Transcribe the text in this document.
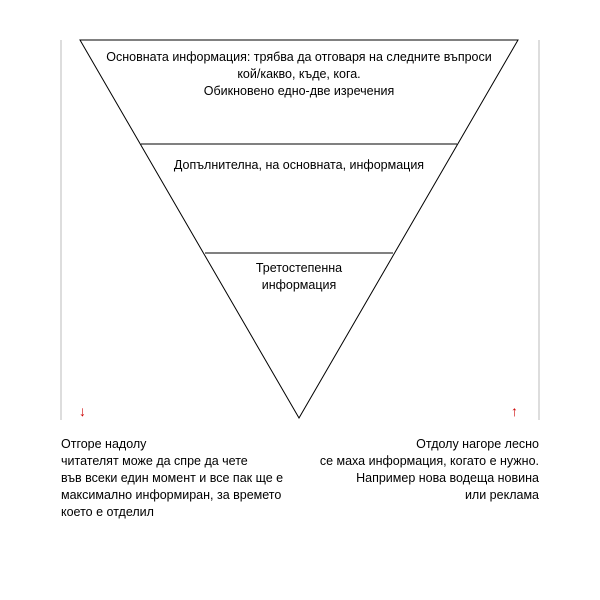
Основната информация: трябва да отговаря на следните въпроси
кой/какво, къде, кога.
Обикновено едно-две изречения
Допълнителна, на основната, информация
Третостепенна
информация
↓	↑
Отгоре надолу
читателят може да спре да чете
във всеки един момент и все пак ще е
максимално информиран, за времето
което е отделил
Отдолу нагоре лесно
се маха информация, когато е нужно.
Например нова водеща новина
или реклама
